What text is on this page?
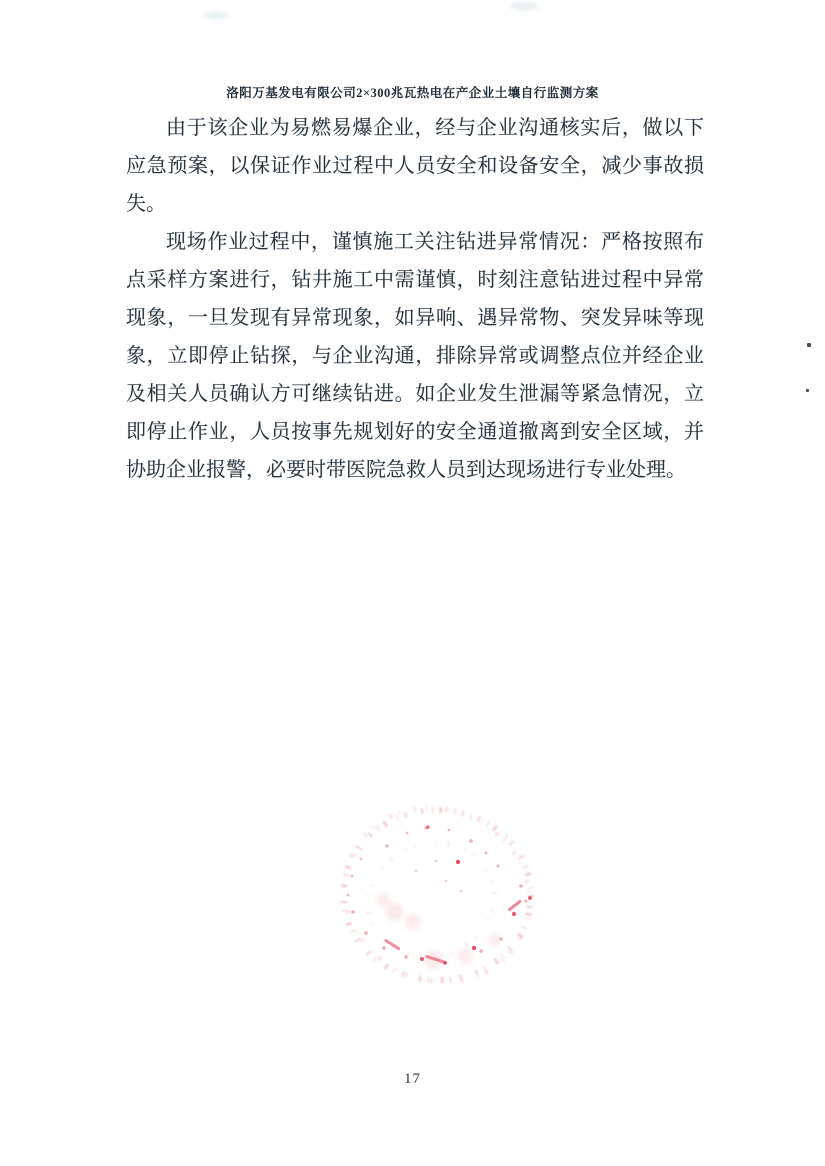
洛阳万基发电有限公司2×300兆瓦热电在产企业土壤自行监测方案

由于该企业为易燃易爆企业，经与企业沟通核实后，做以下应急预案，以保证作业过程中人员安全和设备安全，减少事故损失。

现场作业过程中，谨慎施工关注钻进异常情况：严格按照布点采样方案进行，钻井施工中需谨慎，时刻注意钻进过程中异常现象，一旦发现有异常现象，如异响、遇异常物、突发异味等现象，立即停止钻探，与企业沟通，排除异常或调整点位并经企业及相关人员确认方可继续钻进。如企业发生泄漏等紧急情况，立即停止作业，人员按事先规划好的安全通道撤离到安全区域，并协助企业报警，必要时带医院急救人员到达现场进行专业处理。

17
